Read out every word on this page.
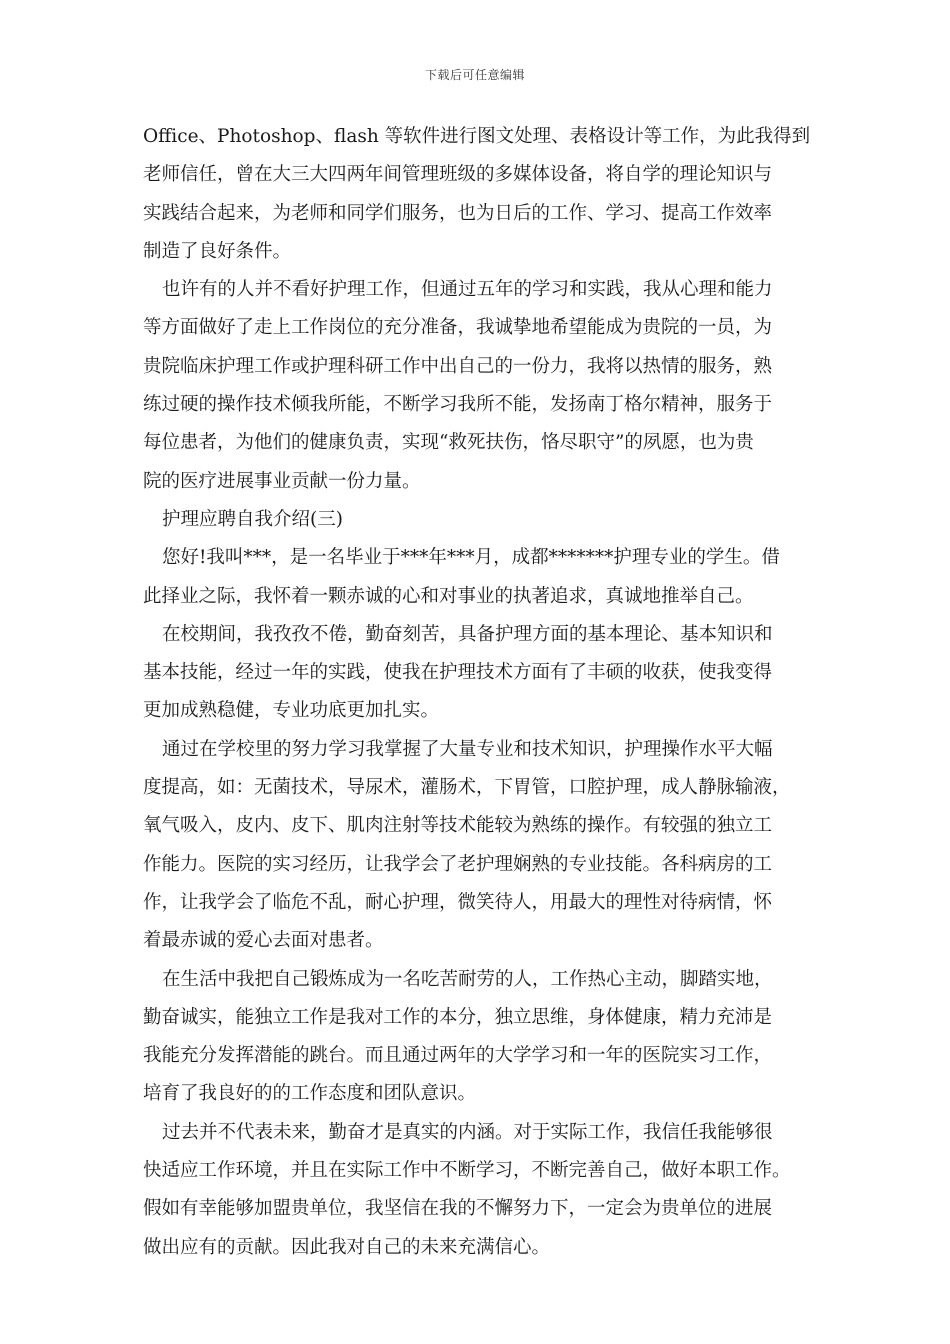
下载后可任意编辑
Office、Photoshop、flash 等软件进行图文处理、表格设计等工作，为此我得到
老师信任，曾在大三大四两年间管理班级的多媒体设备，将自学的理论知识与
实践结合起来，为老师和同学们服务，也为日后的工作、学习、提高工作效率
制造了良好条件。
也许有的人并不看好护理工作，但通过五年的学习和实践，我从心理和能力
等方面做好了走上工作岗位的充分准备，我诚挚地希望能成为贵院的一员，为
贵院临床护理工作或护理科研工作中出自己的一份力，我将以热情的服务，熟
练过硬的操作技术倾我所能，不断学习我所不能，发扬南丁格尔精神，服务于
每位患者，为他们的健康负责，实现“救死扶伤，恪尽职守”的夙愿，也为贵
院的医疗进展事业贡献一份力量。
护理应聘自我介绍(三)
您好!我叫***，是一名毕业于***年***月，成都*******护理专业的学生。借
此择业之际，我怀着一颗赤诚的心和对事业的执著追求，真诚地推举自己。
在校期间，我孜孜不倦，勤奋刻苦，具备护理方面的基本理论、基本知识和
基本技能，经过一年的实践，使我在护理技术方面有了丰硕的收获，使我变得
更加成熟稳健，专业功底更加扎实。
通过在学校里的努力学习我掌握了大量专业和技术知识，护理操作水平大幅
度提高，如：无菌技术，导尿术，灌肠术，下胃管，口腔护理，成人静脉输液，
氧气吸入，皮内、皮下、肌肉注射等技术能较为熟练的操作。有较强的独立工
作能力。医院的实习经历，让我学会了老护理娴熟的专业技能。各科病房的工
作，让我学会了临危不乱，耐心护理，微笑待人，用最大的理性对待病情，怀
着最赤诚的爱心去面对患者。
在生活中我把自己锻炼成为一名吃苦耐劳的人，工作热心主动，脚踏实地，
勤奋诚实，能独立工作是我对工作的本分，独立思维，身体健康，精力充沛是
我能充分发挥潜能的跳台。而且通过两年的大学学习和一年的医院实习工作，
培育了我良好的的工作态度和团队意识。
过去并不代表未来，勤奋才是真实的内涵。对于实际工作，我信任我能够很
快适应工作环境，并且在实际工作中不断学习，不断完善自己，做好本职工作。
假如有幸能够加盟贵单位，我坚信在我的不懈努力下，一定会为贵单位的进展
做出应有的贡献。因此我对自己的未来充满信心。
